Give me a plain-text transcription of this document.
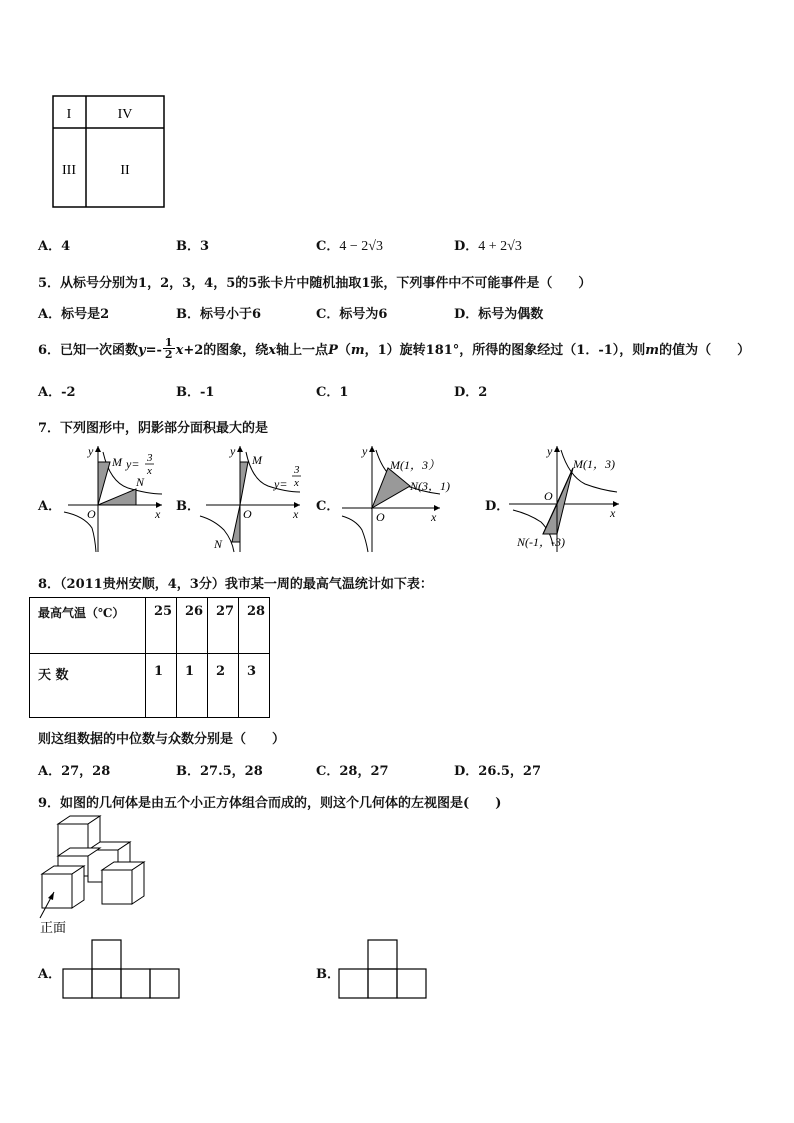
I	IV
III	II
A．4	B．3	C．4 − 2√3	D．4 + 2√3
5．从标号分别为1，2，3，4，5的5张卡片中随机抽取1张，下列事件中不可能事件是（　　）
A．标号是2	B．标号小于6	C．标号为6	D．标号为偶数
6．已知一次函数$y=- \frac{1}{2} x+2$的图象，绕x轴上一点P（m，1）旋转181°，所得的图象经过（1．-1），则m的值为（　　）
A．-2	B．-1	C．1	D．2
7．下列图形中，阴影部分面积最大的是
A．
y
x
O
M
N
y= 3
x
B．
y
x
O
M
N
y=
3
x
C．
y
x
O
M(1，3）
N(3，1)
D．
y
x
O
M(1，3)
N(-1，-3)
8．（2011贵州安顺，4，3分）我市某一周的最高气温统计如下表：
最高气温（℃）	25	26	27	28
天 数	1	1	2	3
则这组数据的中位数与众数分别是（　　）
A．27，28	B．27.5，28	C．28，27	D．26.5，27
9．如图的几何体是由五个小正方体组合而成的，则这个几何体的左视图是(　　)
正面
A．	B．
